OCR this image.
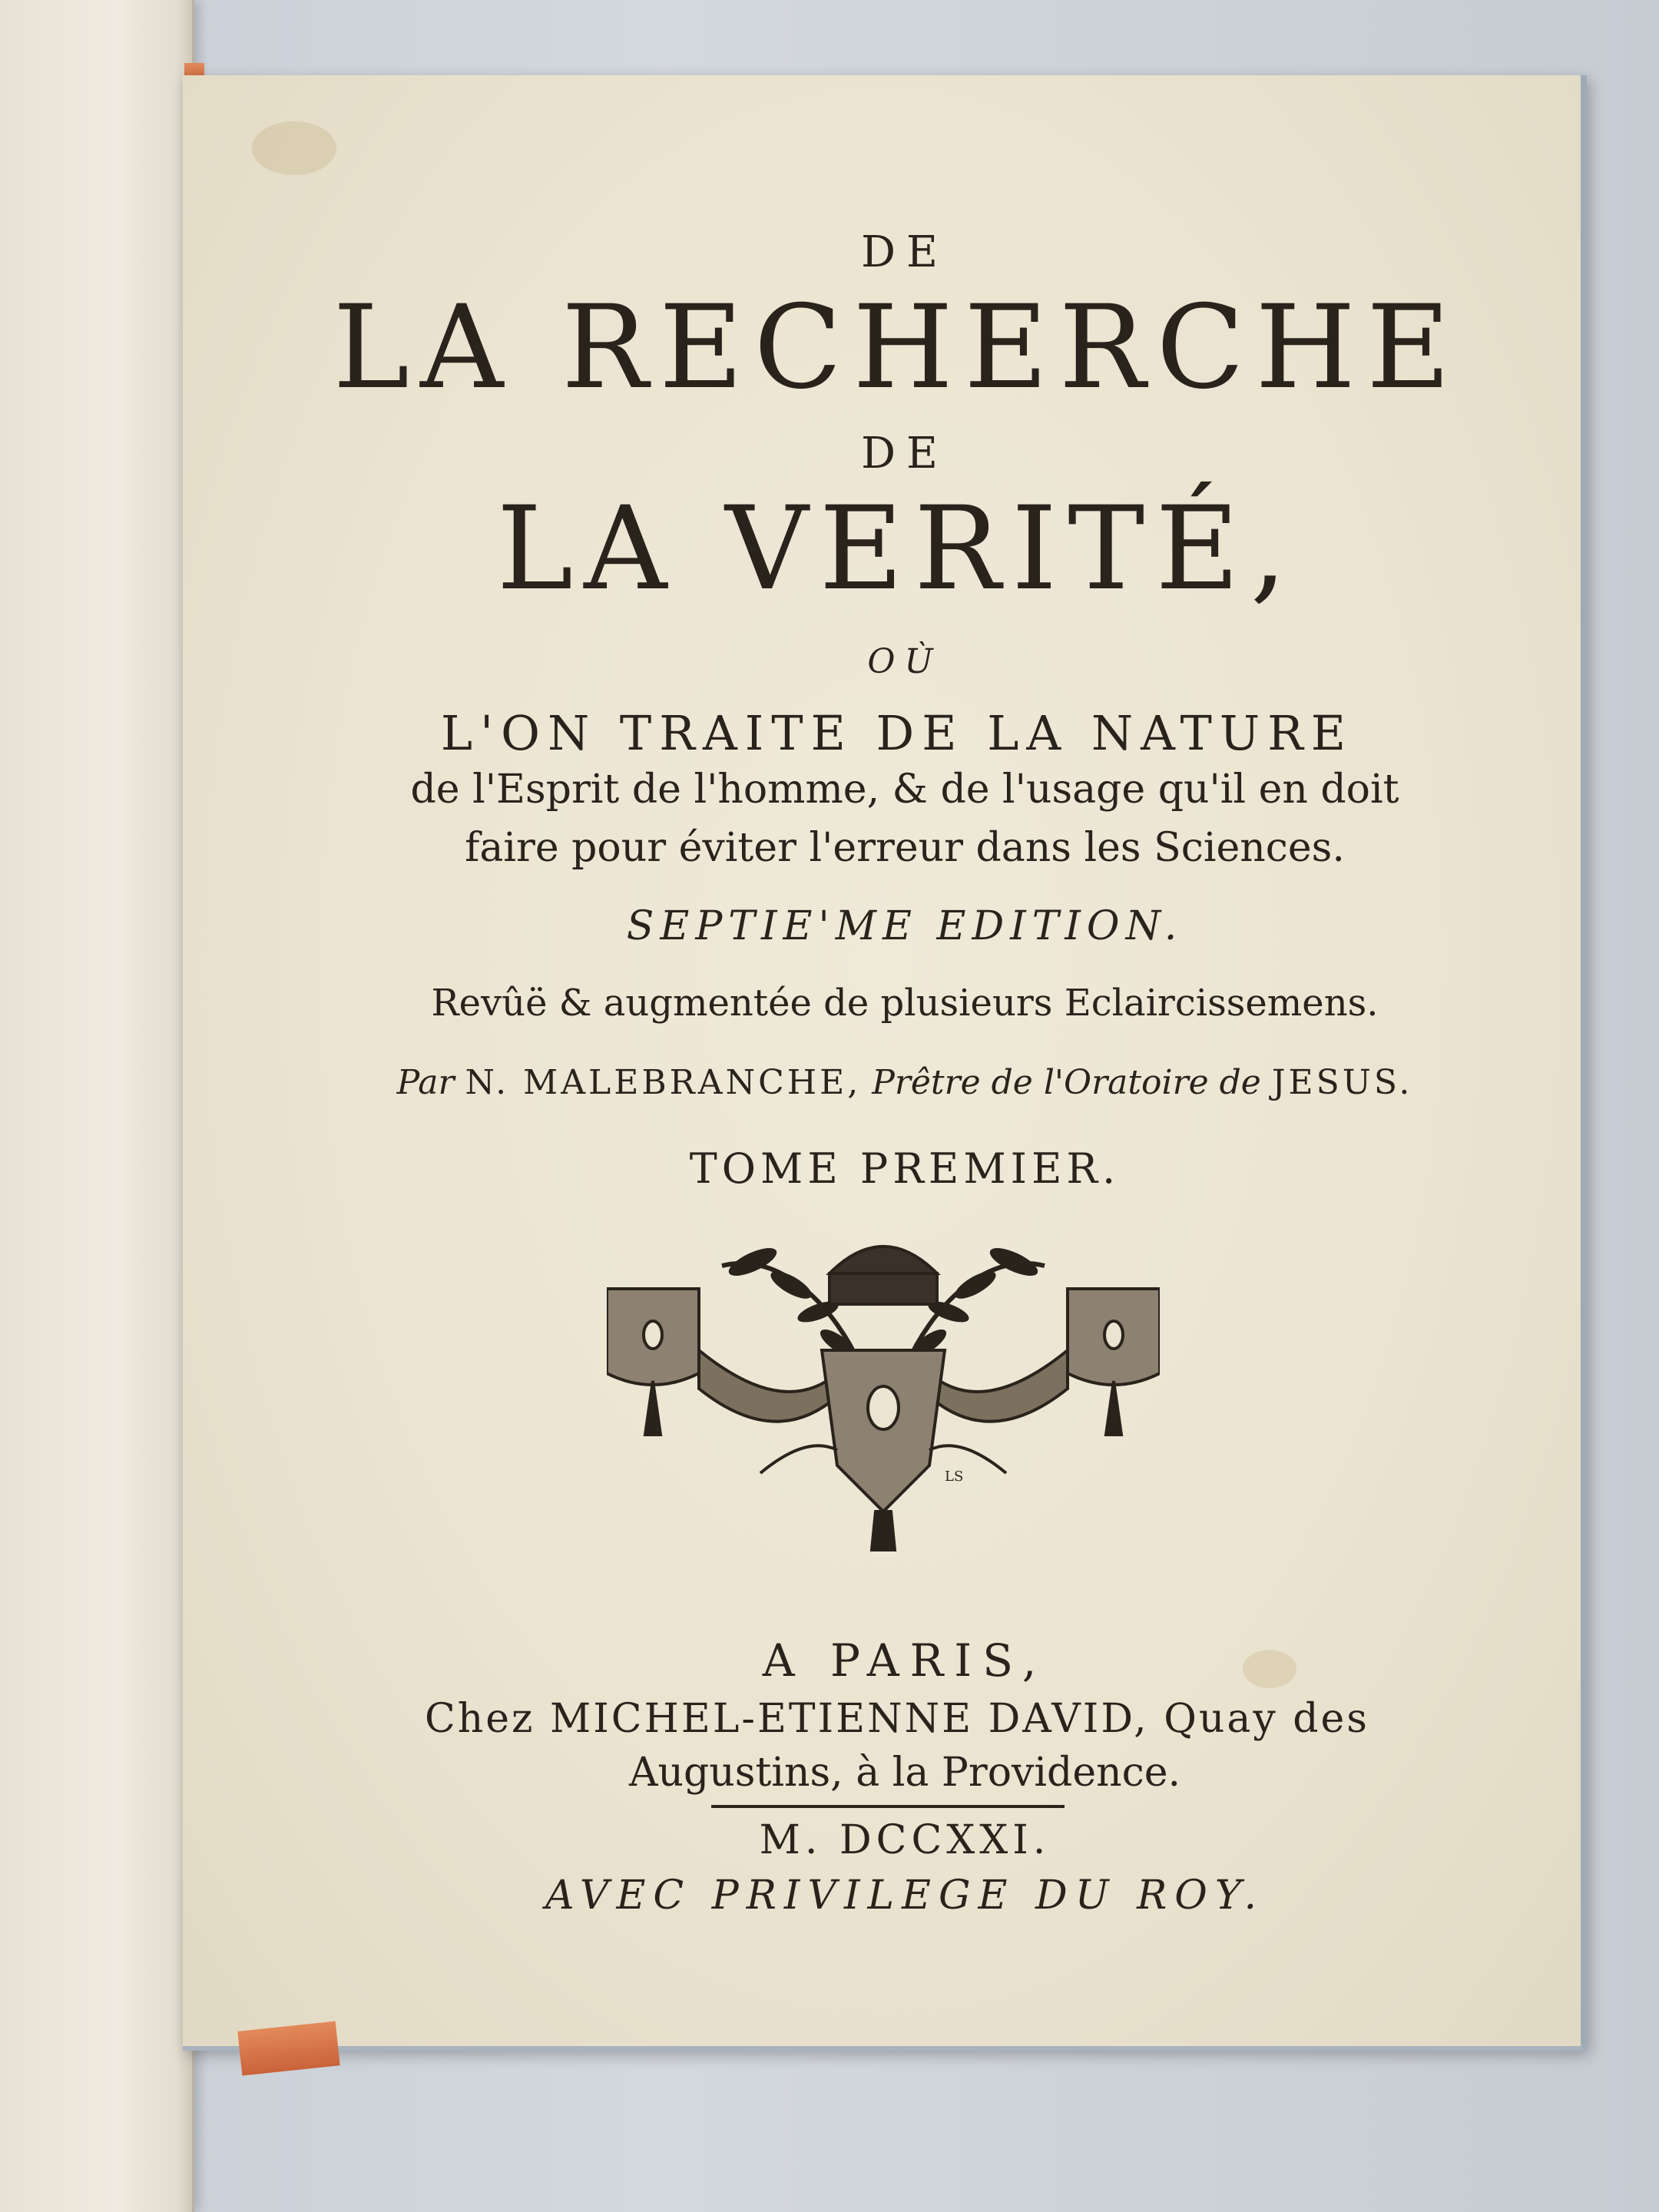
DE
LA RECHERCHE
DE
LA VERITÉ,
OÙ
L'ON TRAITE DE LA NATURE
de l'Esprit de l'homme, & de l'usage qu'il en doit
faire pour éviter l'erreur dans les Sciences.
SEPTIE'ME EDITION.
Revûë & augmentée de plusieurs Eclaircissemens.
Par N. MALEBRANCHE, Prêtre de l'Oratoire de JESUS.
TOME PREMIER.
LS
A PARIS,
Chez MICHEL-ETIENNE DAVID, Quay des
Augustins, à la Providence.
M. DCCXXI.
AVEC PRIVILEGE DU ROY.
